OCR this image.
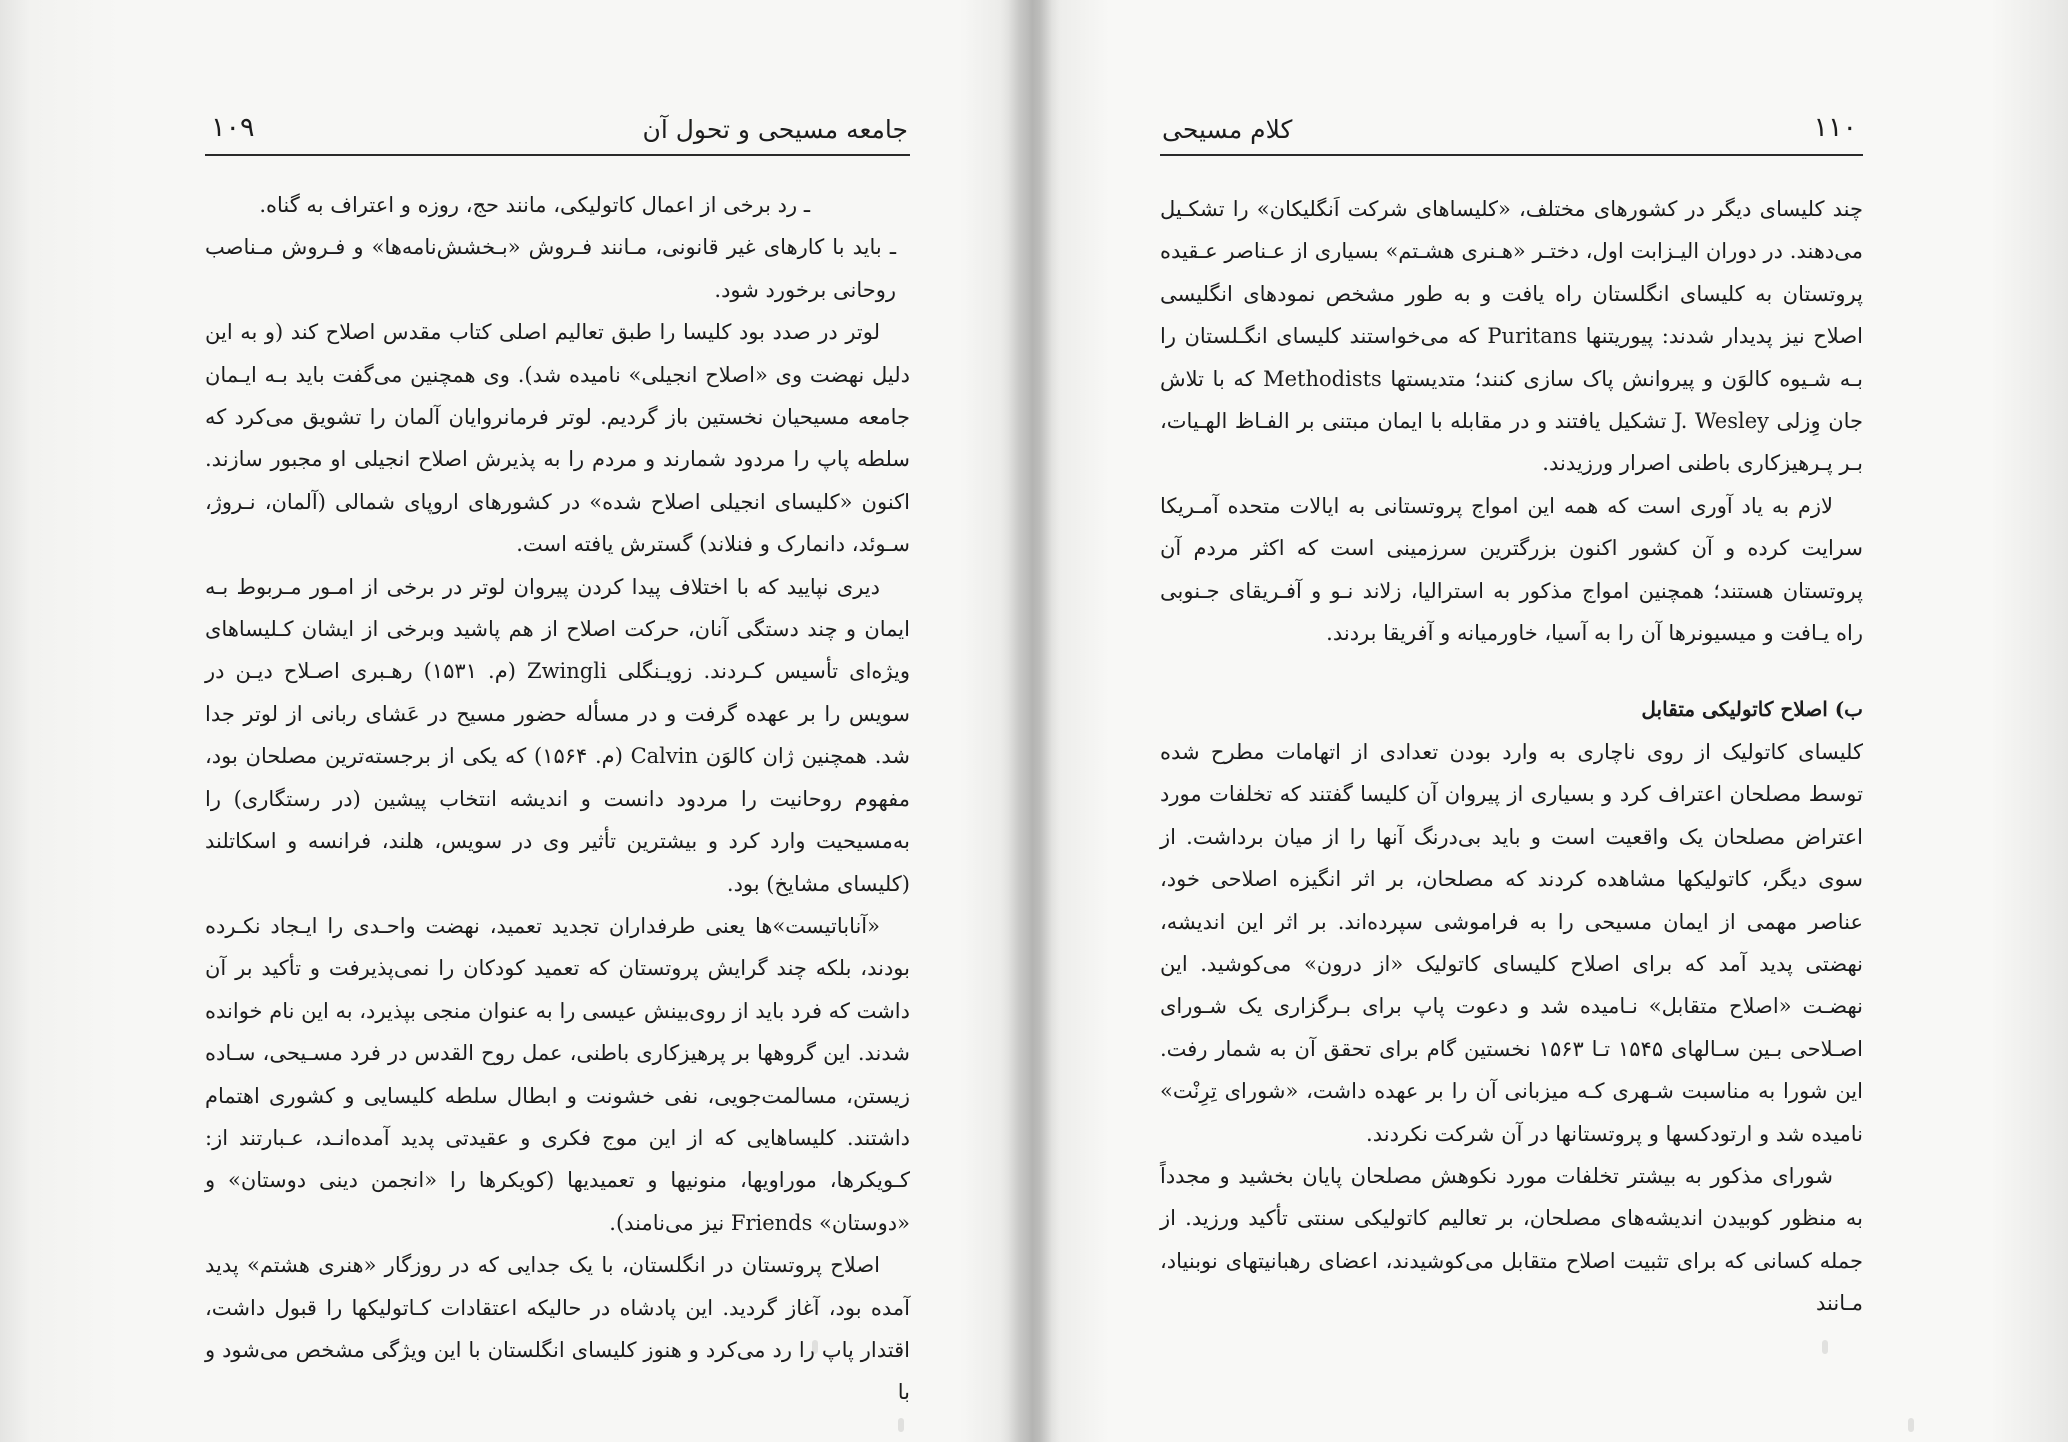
جامعه مسیحی و تحول آن
۱۰۹

ـ رد برخی از اعمال کاتولیکی، مانند حج، روزه و اعتراف به گناه.

ـ باید با کارهای غیر قانونی، مـانند فـروش «بـخشش‌نامه‌ها» و فـروش مـناصب روحانی برخورد شود.

لوتر در صدد بود کلیسا را طبق تعالیم اصلی کتاب مقدس اصلاح کند (و به این دلیل نهضت وی «اصلاح انجیلی» نامیده شد). وی همچنین می‌گفت باید بـه ایـمان جامعه مسیحیان نخستین باز گردیم. لوتر فرمانروایان آلمان را تشویق می‌کرد که سلطه پاپ را مردود شمارند و مردم را به پذیرش اصلاح انجیلی او مجبور سازند. اکنون «کلیسای انجیلی اصلاح شده» در کشورهای اروپای شمالی (آلمان، نـروژ، سـوئد، دانمارک و فنلاند) گسترش یافته است.

دیری نپایید که با اختلاف پیدا کردن پیروان لوتر در برخی از امـور مـربوط بـه ایمان و چند دستگی آنان، حرکت اصلاح از هم پاشید وبرخی از ایشان کـلیساهای ویژه‌ای تأسیس کـردند. زویـنگلی Zwingli (م. ۱۵۳۱) رهـبری اصـلاح دیـن در سویس را بر عهده گرفت و در مسأله حضور مسیح در عَشای ربانی از لوتر جدا شد. همچنین ژان کالوَن Calvin (م. ۱۵۶۴) که یکی از برجسته‌ترین مصلحان بود، مفهوم روحانیت را مردود دانست و اندیشه انتخاب پیشین (در رستگاری) را به‌مسیحیت وارد کرد و بیشترین تأثیر وی در سویس، هلند، فرانسه و اسکاتلند (کلیسای مشایخ) بود.

«آناباتیست»ها یعنی طرفداران تجدید تعمید، نهضت واحـدی را ایـجاد نکـرده بودند، بلکه چند گرایش پروتستان که تعمید کودکان را نمی‌پذیرفت و تأکید بر آن داشت که فرد باید از روی‌بینش عیسی را به عنوان منجی بپذیرد، به این نام خوانده شدند. این گروهها بر پرهیزکاری باطنی، عمل روح القدس در فرد مسـیحی، سـاده زیستن، مسالمت‌جویی، نفی خشونت و ابطال سلطه کلیسایی و کشوری اهتمام داشتند. کلیساهایی که از این موج فکری و عقیدتی پدید آمده‌انـد، عـبارتند از: کـویکرها، موراویها، منونیها و تعمیدیها (کویکرها را «انجمن دینی دوستان» و «دوستان» Friends نیز می‌نامند).

اصلاح پروتستان در انگلستان، با یک جدایی که در روزگار «هنری هشتم» پدید آمده بود، آغاز گردید. این پادشاه در حالیکه اعتقادات کـاتولیکها را قبول داشت، اقتدار پاپ را رد می‌کرد و هنوز کلیسای انگلستان با این ویژگی مشخص می‌شود و با

کلام مسیحی	۱۱۰

چند کلیسای دیگر در کشورهای مختلف، «کلیساهای شرکت اَنگلیکان» را تشکـیل می‌دهند. در دوران الیـزابت اول، دختـر «هـنری هشـتم» بسیاری از عـناصر عـقیده پروتستان به کلیسای انگلستان راه یافت و به طور مشخص نمودهای انگلیسی اصلاح نیز پدیدار شدند: پیوریتنها Puritans که می‌خواستند کلیسای انگـلستان را بـه شـیوه کالوَن و پیروانش پاک سازی کنند؛ متدیستها Methodists که با تلاش جان وِزلی J. Wesley تشکیل یافتند و در مقابله با ایمان مبتنی بر الفـاظ الهـیات، بـر پـرهیزکاری باطنی اصرار ورزیدند.

لازم به یاد آوری است که همه این امواج پروتستانی به ایالات متحده آمـریکا سرایت کرده و آن کشور اکنون بزرگترین سرزمینی است که اکثر مردم آن پروتستان هستند؛ همچنین امواج مذکور به استرالیا، زلاند نـو و آفـریقای جـنوبی راه یـافت و میسیونرها آن را به آسیا، خاورمیانه و آفریقا بردند.

ب) اصلاح کاتولیکی متقابل

کلیسای کاتولیک از روی ناچاری به وارد بودن تعدادی از اتهامات مطرح شده توسط مصلحان اعتراف کرد و بسیاری از پیروان آن کلیسا گفتند که تخلفات مورد اعتراض مصلحان یک واقعیت است و باید بی‌درنگ آنها را از میان برداشت. از سوی دیگر، کاتولیکها مشاهده کردند که مصلحان، بر اثر انگیزه اصلاحی خود، عناصر مهمی از ایمان مسیحی را به فراموشی سپرده‌اند. بر اثر این اندیشه، نهضتی پدید آمد که برای اصلاح کلیسای کاتولیک «از درون» می‌کوشید. این نهضـت «اصلاح متقابل» نـامیده شد و دعوت پاپ برای بـرگزاری یک شـورای اصـلاحی بـین سـالهای ۱۵۴۵ تـا ۱۵۶۳ نخستین گام برای تحقق آن به شمار رفت. این شورا به مناسبت شـهری کـه میزبانی آن را بر عهده داشت، «شورای تِرِنْت» نامیده شد و ارتودکسها و پروتستانها در آن شرکت نکردند.

شورای مذکور به بیشتر تخلفات مورد نکوهش مصلحان پایان بخشید و مجدداً به منظور کوبیدن اندیشه‌های مصلحان، بر تعالیم کاتولیکی سنتی تأکید ورزید. از جمله کسانی که برای تثبیت اصلاح متقابل می‌کوشیدند، اعضای رهبانیتهای نوبنیاد، مـانند
